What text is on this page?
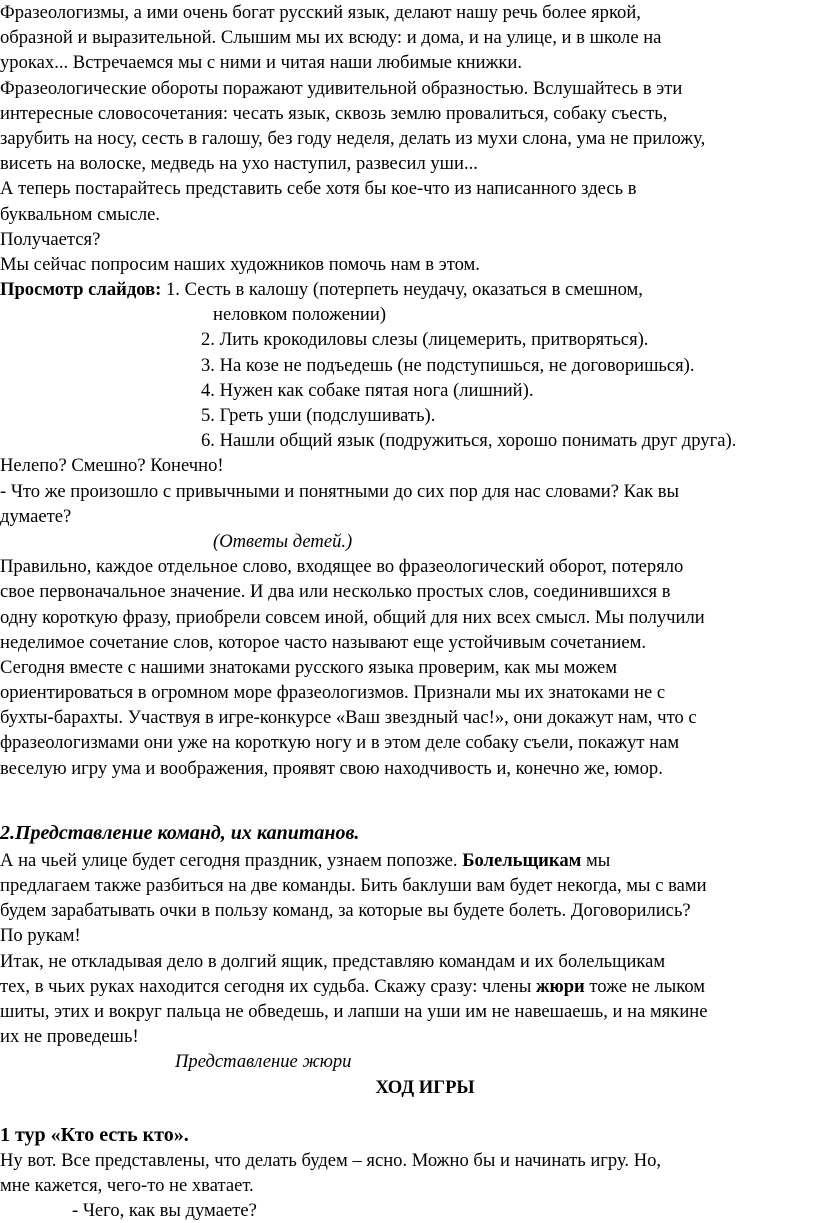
Фразеологизмы, а ими очень богат русский язык, делают нашу речь более яркой,
образной и выразительной. Слышим мы их всюду: и дома, и на улице, и в школе на
уроках... Встречаемся мы с ними и читая наши любимые книжки.
Фразеологические обороты поражают удивительной образностью. Вслушайтесь в эти
интересные словосочетания: чесать язык, сквозь землю провалиться, собаку съесть,
зарубить на носу, сесть в галошу, без году неделя, делать из мухи слона, ума не приложу,
висеть на волоске, медведь на ухо наступил, развесил уши...
А теперь постарайтесь представить себе хотя бы кое-что из написанного здесь в
буквальном смысле.
Получается?
Мы сейчас попросим наших художников помочь нам в этом.
Просмотр слайдов: 1. Сесть в калошу (потерпеть неудачу, оказаться в смешном,
неловком положении)
2. Лить крокодиловы слезы (лицемерить, притворяться).
3. На козе не подъедешь (не подступишься, не договоришься).
4. Нужен как собаке пятая нога (лишний).
5. Греть уши (подслушивать).
6. Нашли общий язык (подружиться, хорошо понимать друг друга).
Нелепо? Смешно? Конечно!
- Что же произошло с привычными и понятными до сих пор для нас словами? Как вы
думаете?
(Ответы детей.)
Правильно, каждое отдельное слово, входящее во фразеологический оборот, потеряло
свое первоначальное значение. И два или несколько простых слов, соединившихся в
одну короткую фразу, приобрели совсем иной, общий для них всех смысл. Мы получили
неделимое сочетание слов, которое часто называют еще устойчивым сочетанием.
Сегодня вместе с нашими знатоками русского языка проверим, как мы можем
ориентироваться в огромном море фразеологизмов. Признали мы их знатоками не с
бухты-барахты. Участвуя в игре-конкурсе «Ваш звездный час!», они докажут нам, что с
фразеологизмами они уже на короткую ногу и в этом деле собаку съели, покажут нам
веселую игру ума и воображения, проявят свою находчивость и, конечно же, юмор.
2.Представление команд, их капитанов.
А на чьей улице будет сегодня праздник, узнаем попозже. Болельщикам мы
предлагаем также разбиться на две команды. Бить баклуши вам будет некогда, мы с вами
будем зарабатывать очки в пользу команд, за которые вы будете болеть. Договорились?
По рукам!
Итак, не откладывая дело в долгий ящик, представляю командам и их болельщикам
тех, в чьих руках находится сегодня их судьба. Скажу сразу: члены жюри тоже не лыком
шиты, этих и вокруг пальца не обведешь, и лапши на уши им не навешаешь, и на мякине
их не проведешь!
Представление жюри
ХОД ИГРЫ
1 тур «Кто есть кто».
Ну вот. Все представлены, что делать будем – ясно. Можно бы и начинать игру. Но,
мне кажется, чего-то не хватает.
- Чего, как вы думаете?
